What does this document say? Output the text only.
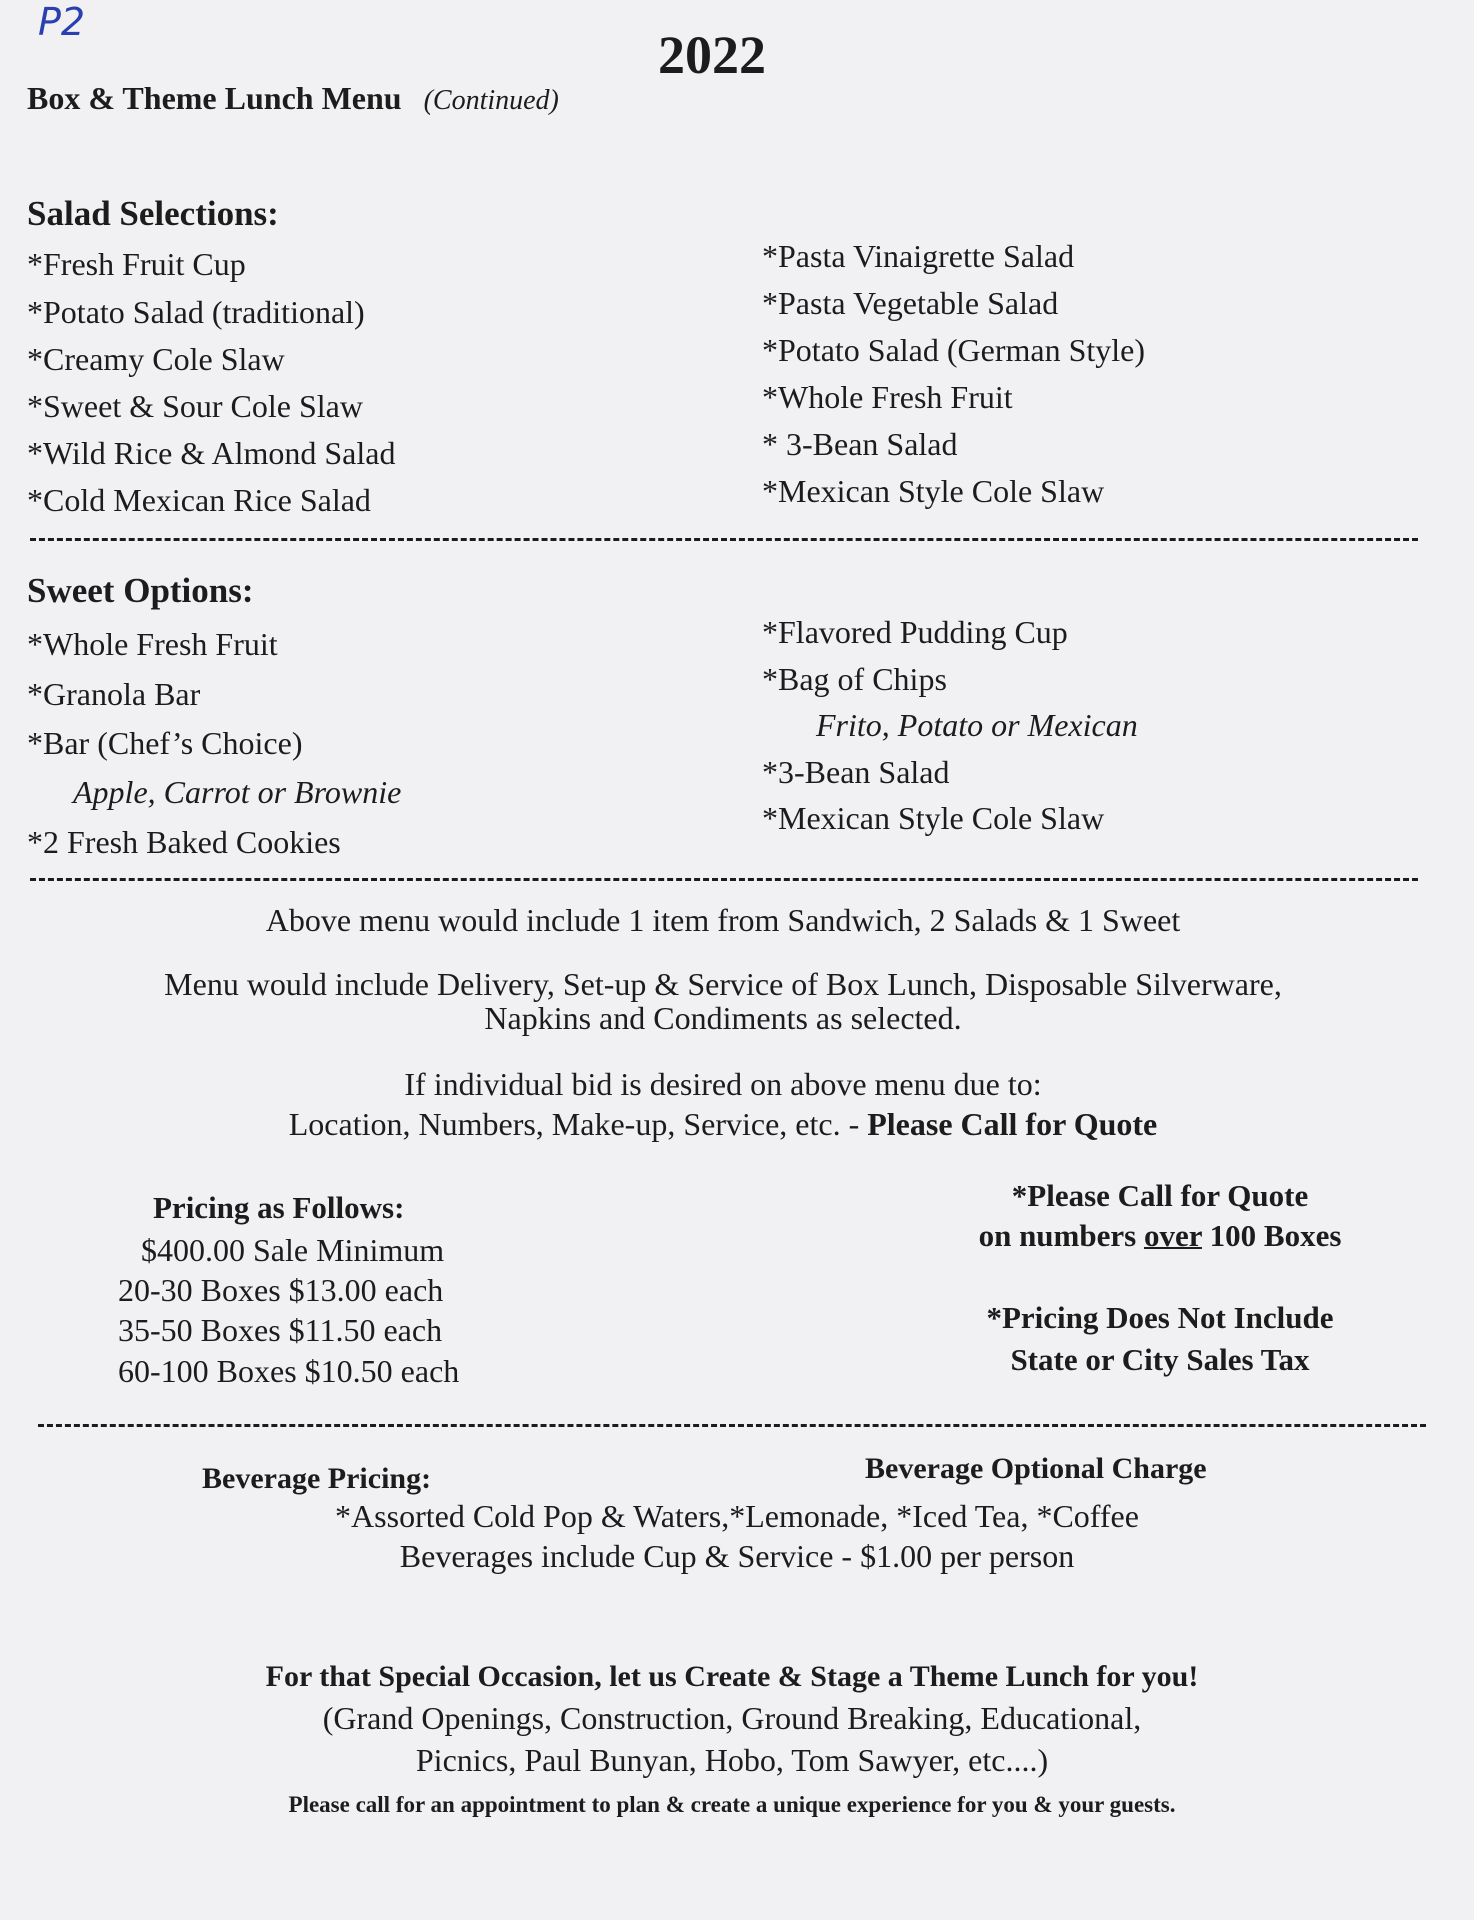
P2
2022
Box & Theme Lunch Menu (Continued)
Salad Selections:
*Fresh Fruit Cup
*Potato Salad (traditional)
*Creamy Cole Slaw
*Sweet & Sour Cole Slaw
*Wild Rice & Almond Salad
*Cold Mexican Rice Salad
*Pasta Vinaigrette Salad
*Pasta Vegetable Salad
*Potato Salad (German Style)
*Whole Fresh Fruit
* 3-Bean Salad
*Mexican Style Cole Slaw
Sweet Options:
*Whole Fresh Fruit
*Granola Bar
*Bar (Chef’s Choice)
Apple, Carrot or Brownie
*2 Fresh Baked Cookies
*Flavored Pudding Cup
*Bag of Chips
Frito, Potato or Mexican
*3-Bean Salad
*Mexican Style Cole Slaw
Above menu would include 1 item from Sandwich, 2 Salads & 1 Sweet
Menu would include Delivery, Set-up & Service of Box Lunch, Disposable Silverware,
Napkins and Condiments as selected.
If individual bid is desired on above menu due to:
Location, Numbers, Make-up, Service, etc. - Please Call for Quote
Pricing as Follows:
$400.00 Sale Minimum
20-30 Boxes $13.00 each
35-50 Boxes $11.50 each
60-100 Boxes $10.50 each
*Please Call for Quote
on numbers over 100 Boxes
*Pricing Does Not Include
State or City Sales Tax
Beverage Pricing:	Beverage Optional Charge
*Assorted Cold Pop & Waters,*Lemonade, *Iced Tea, *Coffee
Beverages include Cup & Service - $1.00 per person
For that Special Occasion, let us Create & Stage a Theme Lunch for you!
(Grand Openings, Construction, Ground Breaking, Educational,
Picnics, Paul Bunyan, Hobo, Tom Sawyer, etc....)
Please call for an appointment to plan & create a unique experience for you & your guests.
